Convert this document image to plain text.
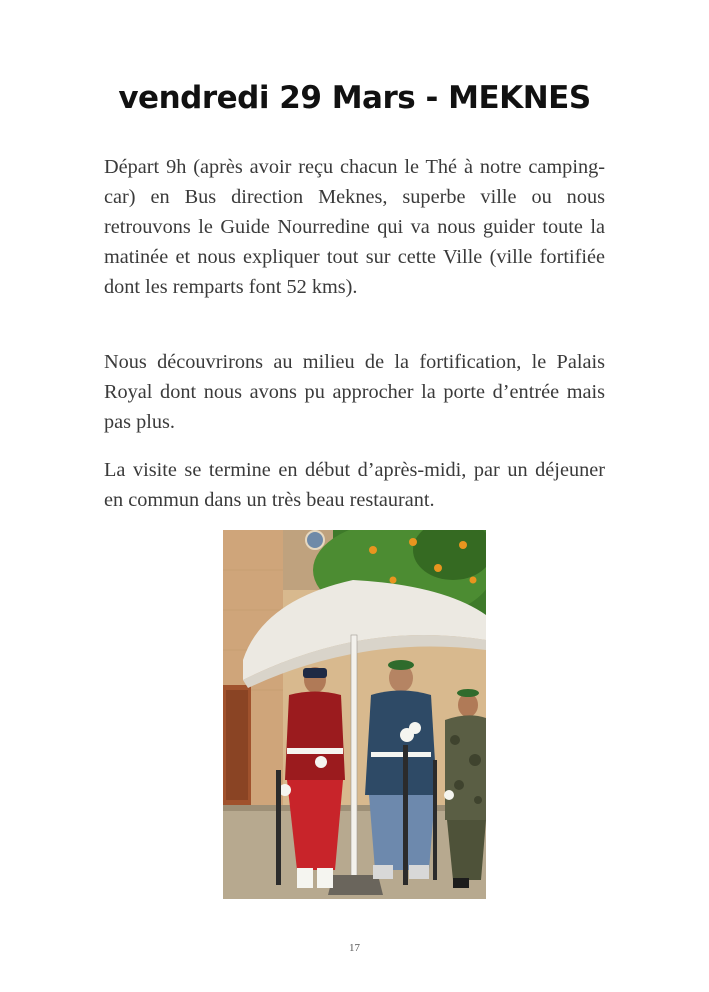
vendredi 29 Mars - MEKNES

Départ 9h (après avoir reçu chacun le Thé à notre camping-car) en Bus direction Meknes, superbe ville ou nous retrouvons le Guide Nourredine qui va nous guider toute la matinée et nous expliquer tout sur cette Ville (ville fortifiée dont les remparts font 52 kms).

Nous découvrirons au milieu de la fortification, le Palais Royal dont nous avons pu approcher la porte d’entrée mais pas plus.

La visite se termine en début d’après-midi, par un déjeuner en commun dans un très beau restaurant.

17
